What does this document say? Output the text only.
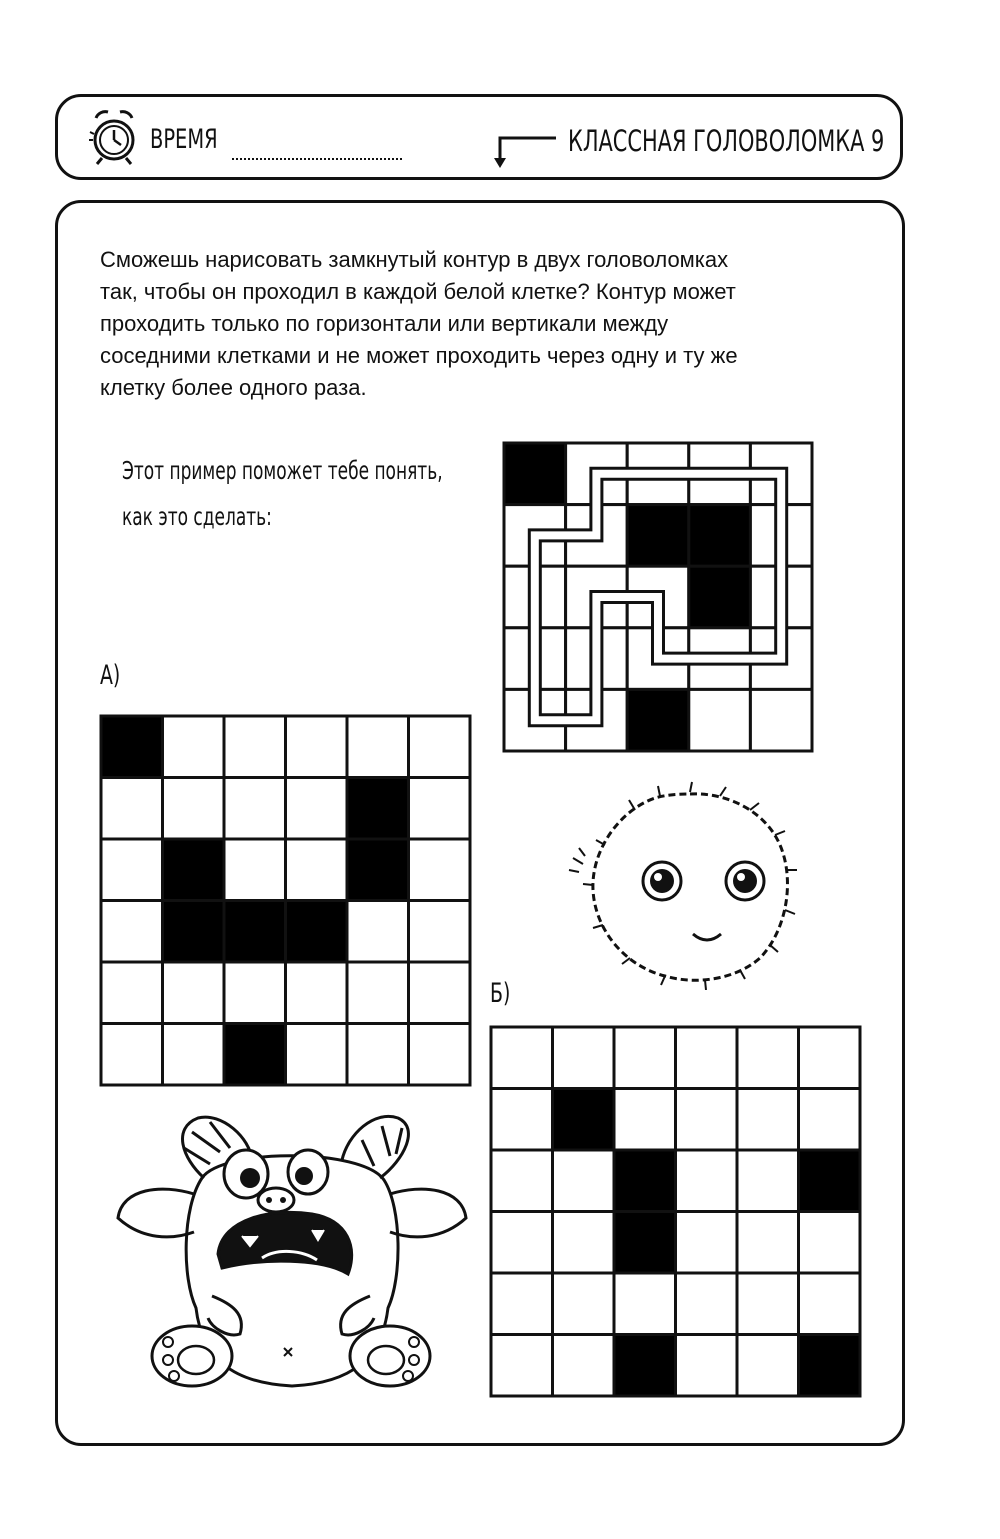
ВРЕМЯ	КЛАССНАЯ ГОЛОВОЛОМКА 9
Сможешь нарисовать замкнутый контур в двух головоломках
так, чтобы он проходил в каждой белой клетке? Контур может
проходить только по горизонтали или вертикали между
соседними клетками и не может проходить через одну и ту же
клетку более одного раза.
Этот пример поможет тебе понять,
как это сделать:
А)
Б)
